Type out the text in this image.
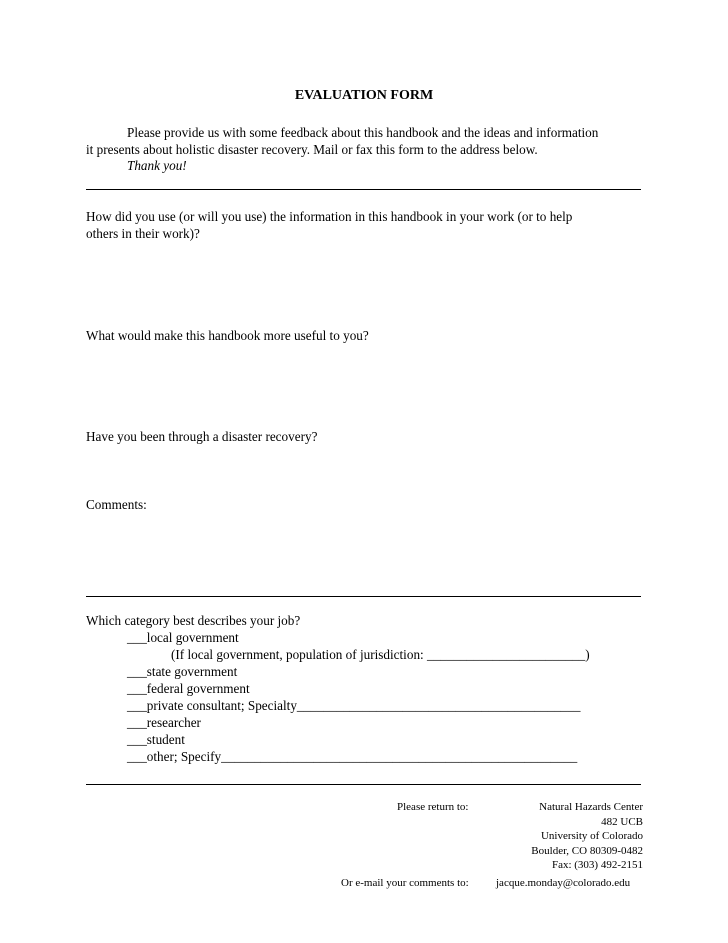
EVALUATION FORM

Please provide us with some feedback about this handbook and the ideas and information

it presents about holistic disaster recovery. Mail or fax this form to the address below.

Thank you!

How did you use (or will you use) the information in this handbook in your work (or to help
others in their work)?
What would make this handbook more useful to you?
Have you been through a disaster recovery?
Comments:
Which category best describes your job?
___local government
(If local government, population of jurisdiction: ________________________)
___state government
___federal government
___private consultant; Specialty___________________________________________
___researcher
___student
___other; Specify______________________________________________________
Please return to:	Natural Hazards Center
482 UCB
University of Colorado
Boulder, CO 80309-0482
Fax: (303) 492-2151
Or e-mail your comments to: jacque.monday@colorado.edu
